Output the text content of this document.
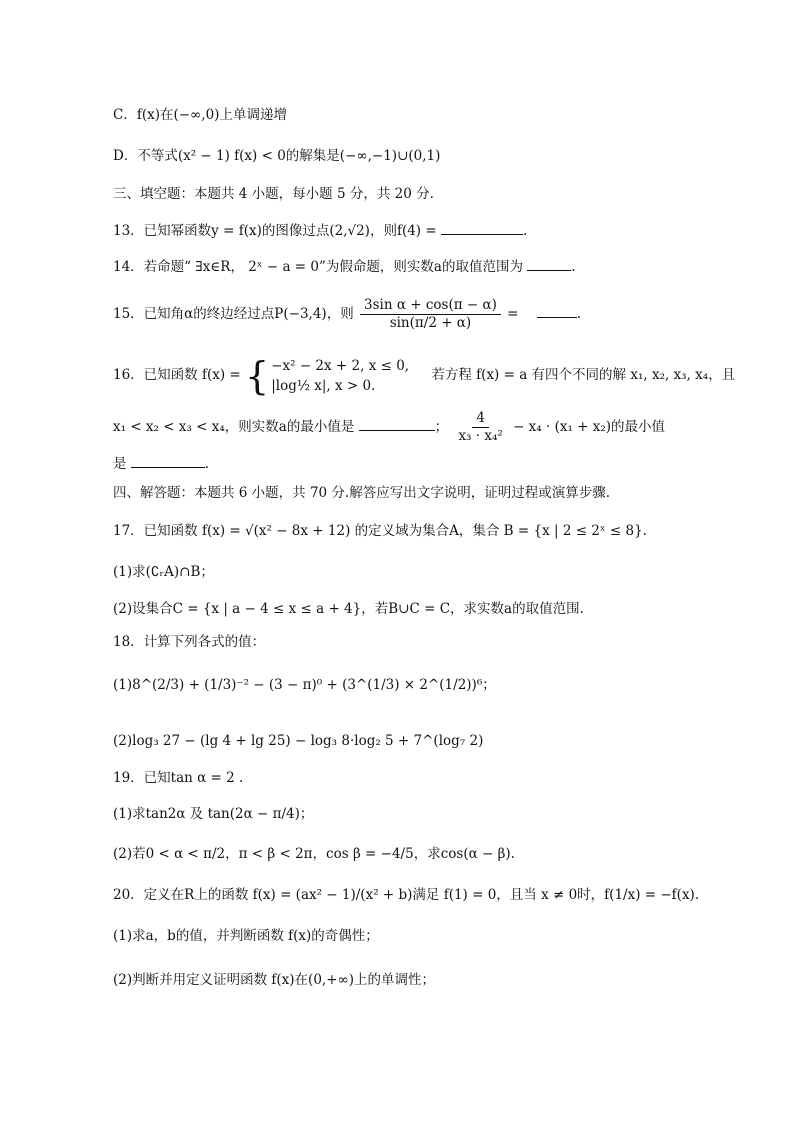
C．f(x)在(−∞,0)上单调递增
D．不等式(x² − 1) f(x) < 0的解集是(−∞,−1)∪(0,1)
三、填空题：本题共 4 小题，每小题 5 分，共 20 分.
13．已知幂函数y = f(x)的图像过点(2,√2)，则f(4) =	.
14．若命题“ ∃x∈R， 2ˣ − a = 0”为假命题，则实数a的取值范围为	.
15．已知角α的终边经过点P(−3,4)，则 $\frac{\text{3sin α + cos(π − α)}}{\sin(\pi/2 + \alpha)}$ =	.
16．已知函数 f(x) = { −x² − 2x + 2, x ≤ 0,
|log½ x|, x > 0.
若方程 f(x) = a 有四个不同的解 x₁, x₂, x₃, x₄，且
x₁ < x₂ < x₃ < x₄，则实数a的最小值是	； $\frac{4}{\text{x₃ · x₄²}} - x_4 \cdot (x_1 + x_2)$的最小值
是	.
四、解答题：本题共 6 小题，共 70 分.解答应写出文字说明，证明过程或演算步骤.
17．已知函数 f(x) = √(x² − 8x + 12) 的定义域为集合A，集合 B = {x | 2 ≤ 2ˣ ≤ 8}.
(1)求(∁ᵣA)∩B；
(2)设集合C = {x | a − 4 ≤ x ≤ a + 4}，若B∪C = C，求实数a的取值范围.
18．计算下列各式的值：
(1)8^(2/3) + (1/3)⁻² − (3 − π)⁰ + (3^(1/3) × 2^(1/2))⁶；
(2)log₃ 27 − (lg 4 + lg 25) − log₃ 8·log₂ 5 + 7^(log₇ 2)
19．已知tan α = 2 .
(1)求tan2α 及 tan(2α − π/4)；
(2)若0 < α < π/2，π < β < 2π，cos β = −4/5，求cos(α − β).
20．定义在R上的函数 f(x) = (ax² − 1)/(x² + b)满足 f(1) = 0，且当 x ≠ 0时，f(1/x) = −f(x).
(1)求a，b的值，并判断函数 f(x)的奇偶性；
(2)判断并用定义证明函数 f(x)在(0,+∞)上的单调性；
